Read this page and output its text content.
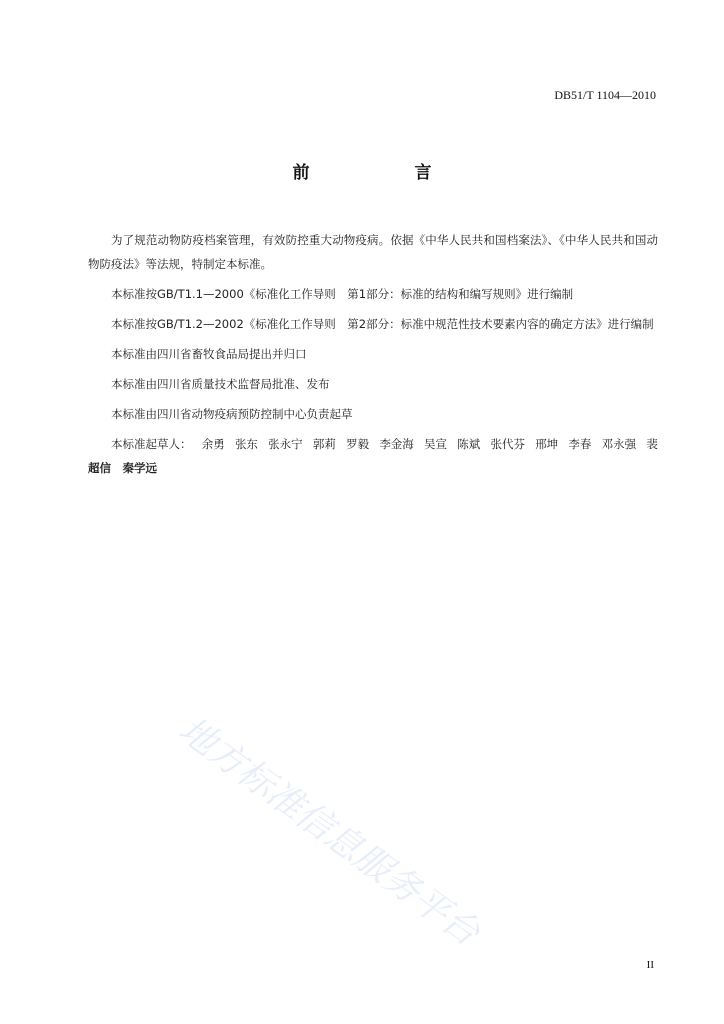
DB51/T 1104—2010
前　言

为了规范动物防疫档案管理，有效防控重大动物疫病。依据《中华人民共和国档案法》、《中华人民共和国动物防疫法》等法规，特制定本标准。

本标准按GB/T1.1—2000《标准化工作导则　第1部分：标准的结构和编写规则》进行编制

本标准按GB/T1.2—2002《标准化工作导则　第2部分：标准中规范性技术要素内容的确定方法》进行编制

本标准由四川省畜牧食品局提出并归口

本标准由四川省质量技术监督局批准、发布

本标准由四川省动物疫病预防控制中心负责起草

本标准起草人： 余勇 张东 张永宁 郭莉 罗毅 李金海 吴宣 陈斌 张代芬 邢坤 李春 邓永强 裴

超信　秦学远

地方标准信息服务平台
II
